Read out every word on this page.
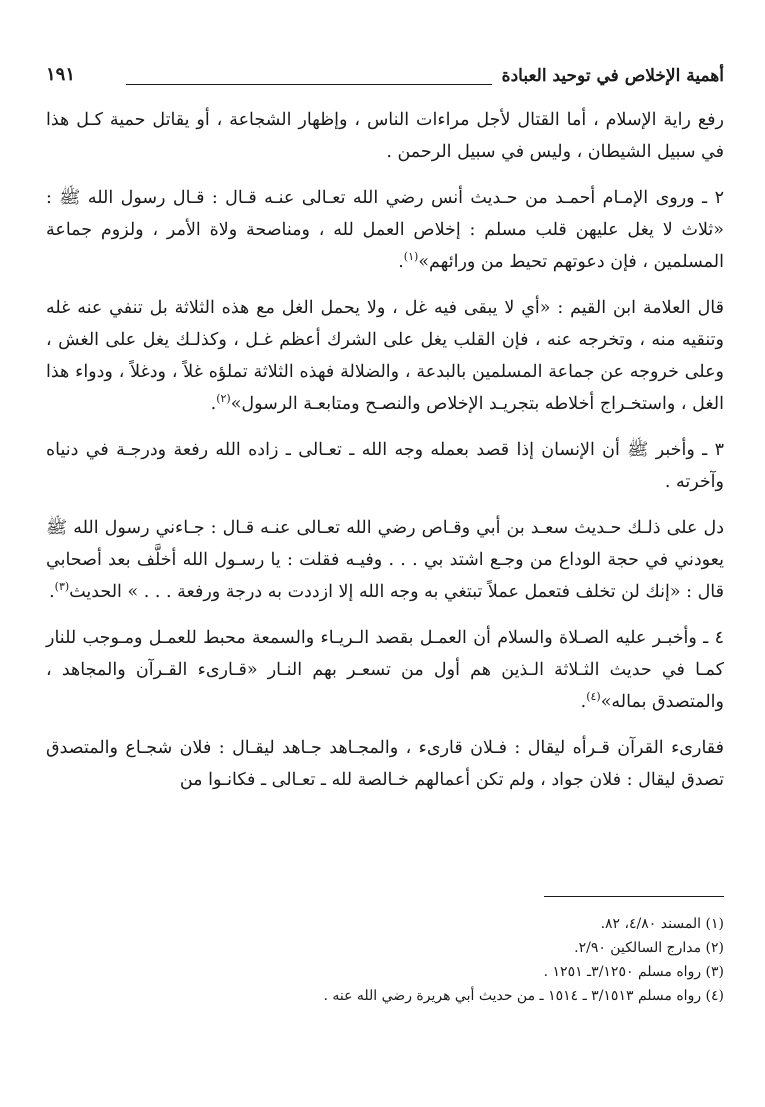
أهمية الإخلاص في توحيد العبادة
١٩١

رفع راية الإسلام ، أما القتال لأجل مراءات الناس ، وإظهار الشجاعة ، أو يقاتل حمية كـل هذا في سبيل الشيطان ، وليس في سبيل الرحمن .

٢ ـ وروى الإمـام أحمـد من حـديث أنس رضي الله تعـالى عنـه قـال : قـال رسول الله ﷺ : «ثلاث لا يغل عليهن قلب مسلم : إخلاص العمل لله ، ومناصحة ولاة الأمر ، ولزوم جماعة المسلمين ، فإن دعوتهم تحيط من ورائهم»$^{(١)}$.

قال العلامة ابن القيم : «أي لا يبقى فيه غل ، ولا يحمل الغل مع هذه الثلاثة بل تنفي عنه غله وتنقيه منه ، وتخرجه عنه ، فإن القلب يغل على الشرك أعظم غـل ، وكذلـك يغل على الغش ، وعلى خروجه عن جماعة المسلمين بالبدعة ، والضلالة فهذه الثلاثة تملؤه غلاً ، ودغلاً ، ودواء هذا الغل ، واستخـراج أخلاطه بتجريـد الإخلاص والنصـح ومتابعـة الرسول»$^{(٢)}$.

٣ ـ وأخبر ﷺ أن الإنسان إذا قصد بعمله وجه الله ـ تعـالى ـ زاده الله رفعة ودرجـة في دنياه وآخرته .

دل على ذلـك حـديث سعـد بن أبي وقـاص رضي الله تعـالى عنـه قـال : جـاءني رسول الله ﷺ يعودني في حجة الوداع من وجـع اشتد بي . . . وفيـه فقلت : يا رسـول الله أخلَّف بعد أصحابي قال : «إنك لن تخلف فتعمل عملاً تبتغي به وجه الله إلا ازددت به درجة ورفعة . . . » الحديث$^{(٣)}$.

٤ ـ وأخبـر عليه الصـلاة والسلام أن العمـل بقصد الـريـاء والسمعة محبط للعمـل ومـوجب للنار كمـا في حديث الثـلاثة الـذين هم أول من تسعـر بهم النـار «قـارىء القـرآن والمجاهد ، والمتصدق بماله»$^{(٤)}$.

فقارىء القرآن قـرأه ليقال : فـلان قارىء ، والمجـاهد جـاهد ليقـال : فلان شجـاع والمتصدق تصدق ليقال : فلان جواد ، ولم تكن أعمالهم خـالصة لله ـ تعـالى ـ فكانـوا من

(١) المسند ٤/٨٠، ٨٢.

(٢) مدارج السالكين ٢/٩٠.

(٣) رواه مسلم ٣/١٢٥٠ـ ١٢٥١ .

(٤) رواه مسلم ٣/١٥١٣ ـ ١٥١٤ ـ من حديث أبي هريرة رضي الله عنه .
